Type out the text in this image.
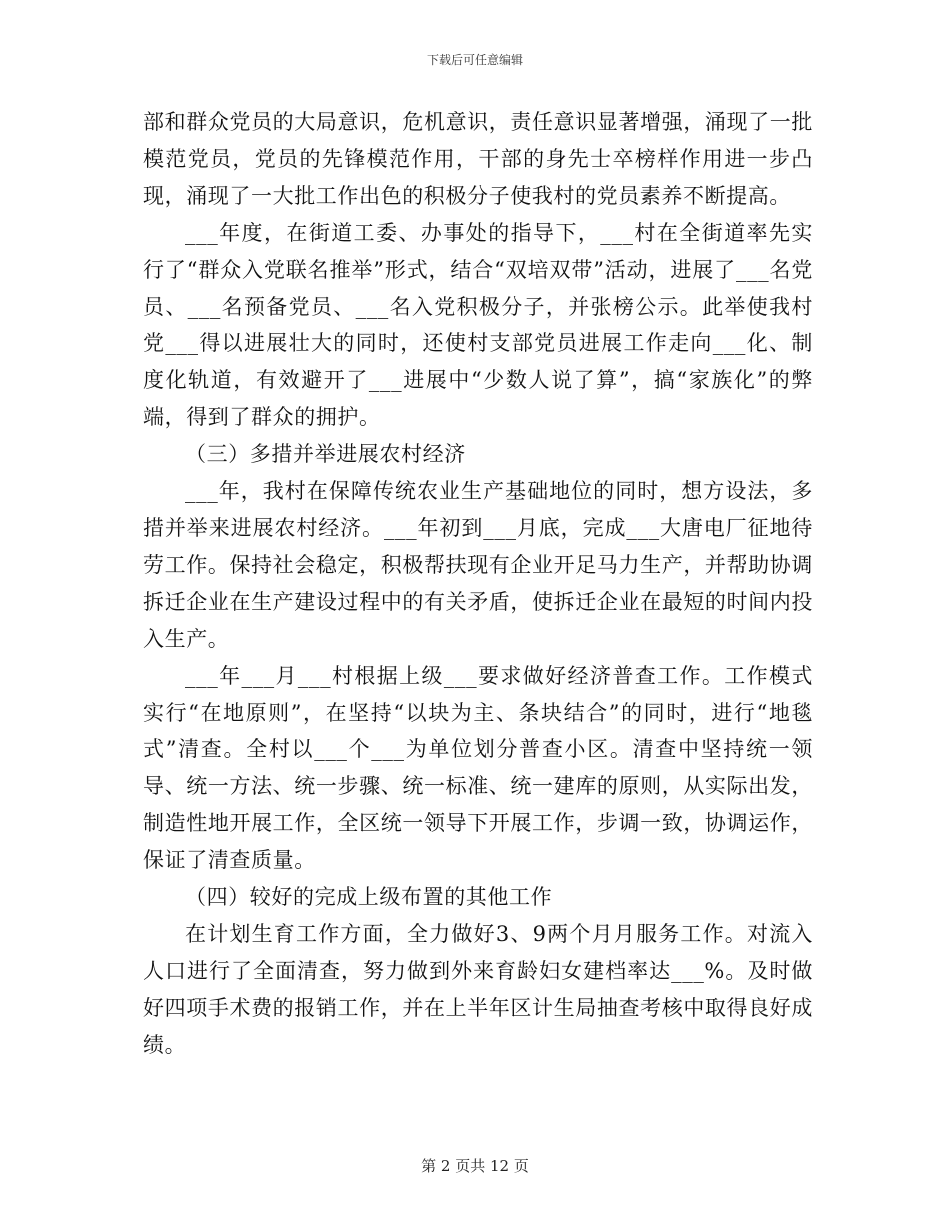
下载后可任意编辑

部和群众党员的大局意识，危机意识，责任意识显著增强，涌现了一批模范党员，党员的先锋模范作用，干部的身先士卒榜样作用进一步凸现，涌现了一大批工作出色的积极分子使我村的党员素养不断提高。

___年度，在街道工委、办事处的指导下，___村在全街道率先实行了“群众入党联名推举”形式，结合“双培双带”活动，进展了___名党员、___名预备党员、___名入党积极分子，并张榜公示。此举使我村党___得以进展壮大的同时，还使村支部党员进展工作走向___化、制度化轨道，有效避开了___进展中“少数人说了算”，搞“家族化”的弊端，得到了群众的拥护。

（三）多措并举进展农村经济

___年，我村在保障传统农业生产基础地位的同时，想方设法，多措并举来进展农村经济。___年初到___月底，完成___大唐电厂征地待劳工作。保持社会稳定，积极帮扶现有企业开足马力生产，并帮助协调拆迁企业在生产建设过程中的有关矛盾，使拆迁企业在最短的时间内投入生产。

___年___月___村根据上级___要求做好经济普查工作。工作模式实行“在地原则”，在坚持“以块为主、条块结合”的同时，进行“地毯式”清查。全村以___个___为单位划分普查小区。清查中坚持统一领导、统一方法、统一步骤、统一标准、统一建库的原则，从实际出发，制造性地开展工作，全区统一领导下开展工作，步调一致，协调运作，保证了清查质量。

（四）较好的完成上级布置的其他工作

在计划生育工作方面，全力做好3、9两个月月服务工作。对流入人口进行了全面清查，努力做到外来育龄妇女建档率达___%。及时做好四项手术费的报销工作，并在上半年区计生局抽查考核中取得良好成绩。

第 2 页共 12 页
